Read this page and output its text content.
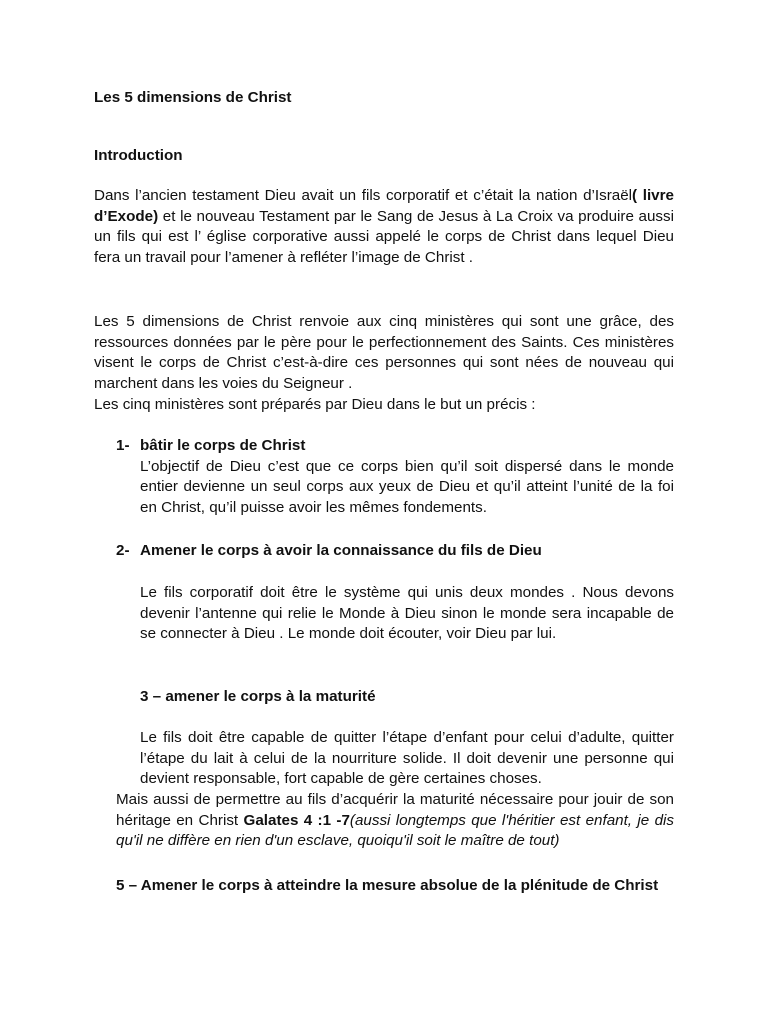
Les 5 dimensions de Christ

Introduction

Dans l’ancien testament Dieu avait un fils corporatif et c’était la nation d’Israël( livre d’Exode) et le nouveau Testament par le Sang de Jesus à La Croix va produire aussi un fils qui est l’ église corporative aussi appelé le corps de Christ dans lequel Dieu fera un travail pour l’amener à refléter l’image de Christ .

Les 5 dimensions de Christ renvoie aux cinq ministères qui sont une grâce, des ressources données par le père pour le perfectionnement des Saints. Ces ministères visent le corps de Christ c’est-à-dire ces personnes qui sont nées de nouveau qui marchent dans les voies du Seigneur .

Les cinq ministères sont préparés par Dieu dans le but un précis :

1- bâtir le corps de Christ

L’objectif de Dieu c’est que ce corps bien qu’il soit dispersé dans le monde entier devienne un seul corps aux yeux de Dieu et qu’il atteint l’unité de la foi en Christ, qu’il puisse avoir les mêmes fondements.

2- Amener le corps à avoir la connaissance du fils de Dieu

Le fils corporatif doit être le système qui unis deux mondes . Nous devons devenir l’antenne qui relie le Monde à Dieu sinon le monde sera incapable de se connecter à Dieu . Le monde doit écouter, voir Dieu par lui.

3 – amener le corps à la maturité

Le fils doit être capable de quitter l’étape d’enfant pour celui d’adulte, quitter l’étape du lait à celui de la nourriture solide. Il doit devenir une personne qui devient responsable, fort capable de gère certaines choses.

Mais aussi de permettre au fils d’acquérir la maturité nécessaire pour jouir de son héritage en Christ Galates 4 :1 -7(aussi longtemps que l'héritier est enfant, je dis qu'il ne diffère en rien d'un esclave, quoiqu'il soit le maître de tout)

5 – Amener le corps à atteindre la mesure absolue de la plénitude de Christ
